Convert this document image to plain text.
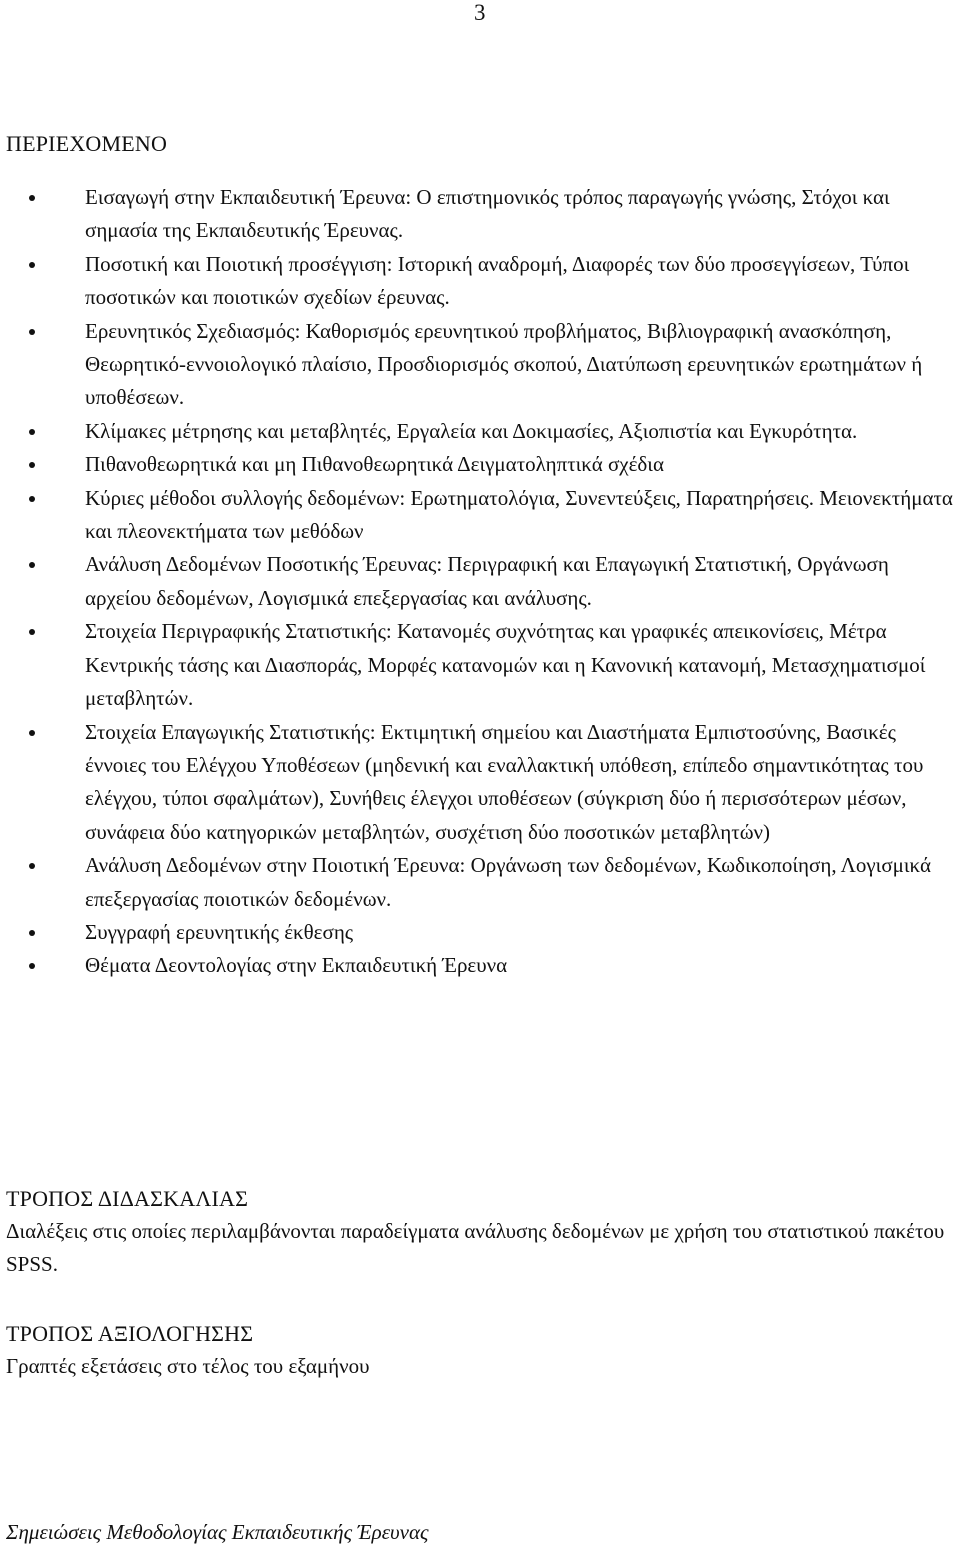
3
ΠΕΡΙΕΧΟΜΕΝΟ
Εισαγωγή στην Εκπαιδευτική Έρευνα: Ο επιστημονικός τρόπος παραγωγής γνώσης, Στόχοι και σημασία της Εκπαιδευτικής Έρευνας.
Ποσοτική και Ποιοτική προσέγγιση: Ιστορική αναδρομή, Διαφορές των δύο προσεγγίσεων, Τύποι ποσοτικών και ποιοτικών σχεδίων έρευνας.
Ερευνητικός Σχεδιασμός: Καθορισμός ερευνητικού προβλήματος, Βιβλιογραφική ανασκόπηση, Θεωρητικό-εννοιολογικό πλαίσιο, Προσδιορισμός σκοπού, Διατύπωση ερευνητικών ερωτημάτων ή υποθέσεων.
Κλίμακες μέτρησης και μεταβλητές, Εργαλεία και Δοκιμασίες, Αξιοπιστία και Εγκυρότητα.
Πιθανοθεωρητικά και μη Πιθανοθεωρητικά Δειγματοληπτικά σχέδια
Κύριες μέθοδοι συλλογής δεδομένων: Ερωτηματολόγια, Συνεντεύξεις, Παρατηρήσεις. Μειονεκτήματα και πλεονεκτήματα των μεθόδων
Ανάλυση Δεδομένων Ποσοτικής Έρευνας: Περιγραφική και Επαγωγική Στατιστική, Οργάνωση αρχείου δεδομένων, Λογισμικά επεξεργασίας και ανάλυσης.
Στοιχεία Περιγραφικής Στατιστικής: Κατανομές συχνότητας και γραφικές απεικονίσεις, Μέτρα Κεντρικής τάσης και Διασποράς, Μορφές κατανομών και η Κανονική κατανομή, Μετασχηματισμοί μεταβλητών.
Στοιχεία Επαγωγικής Στατιστικής: Εκτιμητική σημείου και Διαστήματα Εμπιστοσύνης, Βασικές έννοιες του Ελέγχου Υποθέσεων (μηδενική και εναλλακτική υπόθεση, επίπεδο σημαντικότητας του ελέγχου, τύποι σφαλμάτων), Συνήθεις έλεγχοι υποθέσεων (σύγκριση δύο ή περισσότερων μέσων, συνάφεια δύο κατηγορικών μεταβλητών, συσχέτιση δύο ποσοτικών μεταβλητών)
Ανάλυση Δεδομένων στην Ποιοτική Έρευνα: Οργάνωση των δεδομένων, Κωδικοποίηση, Λογισμικά επεξεργασίας ποιοτικών δεδομένων.
Συγγραφή ερευνητικής έκθεσης
Θέματα Δεοντολογίας στην Εκπαιδευτική Έρευνα
ΤΡΟΠΟΣ ΔΙΔΑΣΚΑΛΙΑΣ
Διαλέξεις στις οποίες περιλαμβάνονται παραδείγματα ανάλυσης δεδομένων με χρήση του στατιστικού πακέτου SPSS.
ΤΡΟΠΟΣ ΑΞΙΟΛΟΓΗΣΗΣ
Γραπτές εξετάσεις στο τέλος του εξαμήνου
Σημειώσεις Μεθοδολογίας Εκπαιδευτικής Έρευνας
